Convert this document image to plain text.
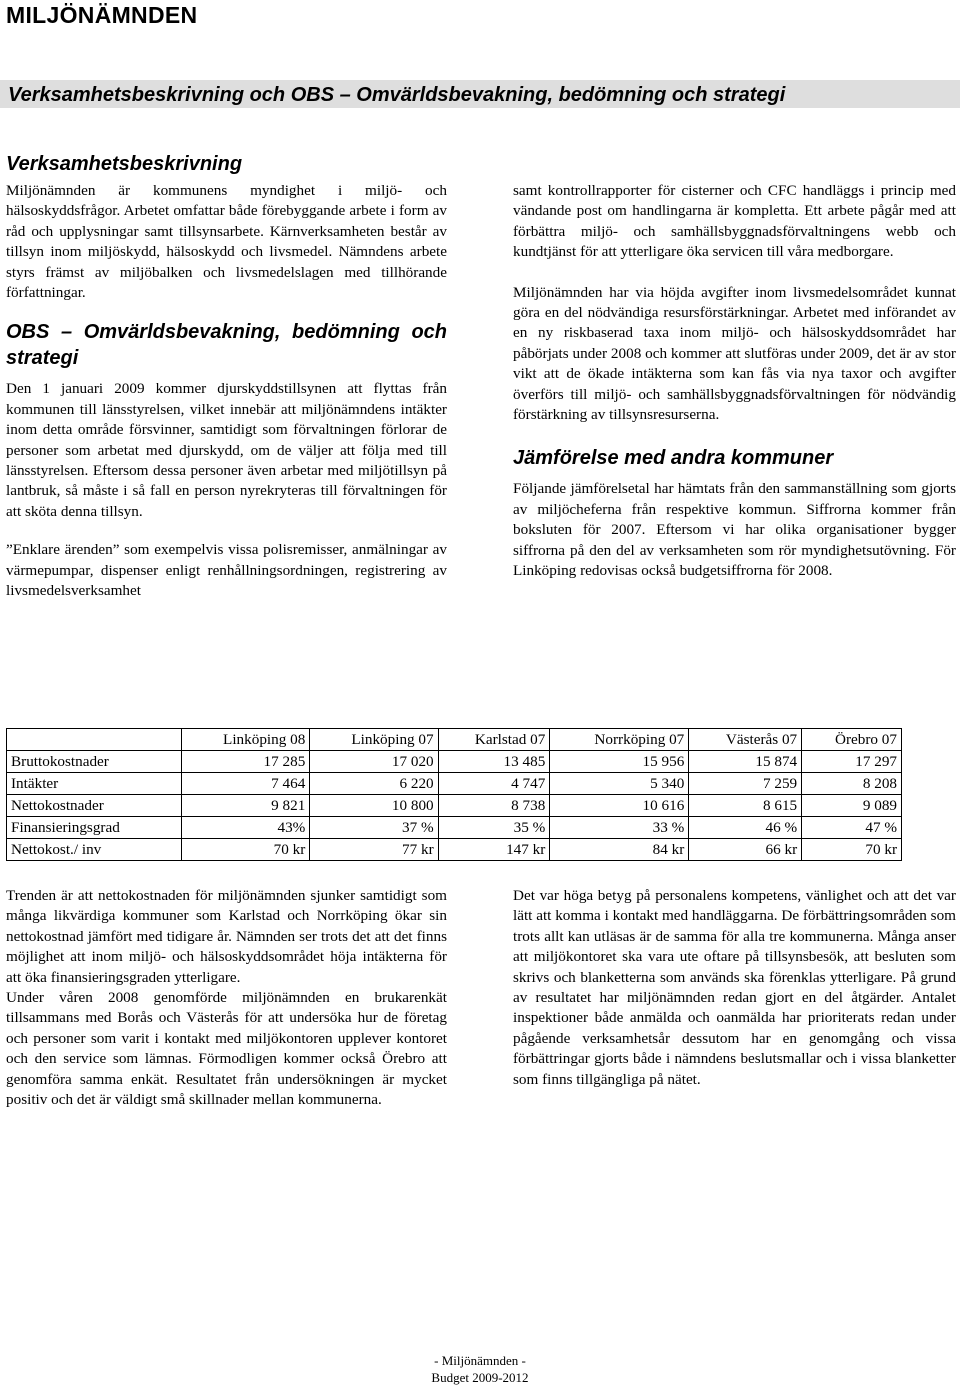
MILJÖNÄMNDEN
Verksamhetsbeskrivning och OBS – Omvärldsbevakning, bedömning och strategi
Verksamhetsbeskrivning

Miljönämnden är kommunens myndighet i miljö- och hälsoskyddsfrågor. Arbetet omfattar både förebyggande arbete i form av råd och upplysningar samt tillsynsarbete. Kärnverksamheten består av tillsyn inom miljöskydd, hälsoskydd och livsmedel. Nämndens arbete styrs främst av miljöbalken och livsmedelslagen med tillhörande författningar.

OBS – Omvärldsbevakning, bedömning och strategi

Den 1 januari 2009 kommer djurskyddstillsynen att flyttas från kommunen till länsstyrelsen, vilket innebär att miljönämndens intäkter inom detta område försvinner, samtidigt som förvaltningen förlorar de personer som arbetat med djurskydd, om de väljer att följa med till länsstyrelsen. Eftersom dessa personer även arbetar med miljötillsyn på lantbruk, så måste i så fall en person nyrekryteras till förvaltningen för att sköta denna tillsyn.

”Enklare ärenden” som exempelvis vissa polisremisser, anmälningar av värmepumpar, dispenser enligt renhållningsordningen, registrering av livsmedelsverksamhet

samt kontrollrapporter för cisterner och CFC handläggs i princip med vändande post om handlingarna är kompletta. Ett arbete pågår med att förbättra miljö- och samhällsbyggnadsförvaltningens webb och kundtjänst för att ytterligare öka servicen till våra medborgare.

Miljönämnden har via höjda avgifter inom livsmedelsområdet kunnat göra en del nödvändiga resursförstärkningar. Arbetet med införandet av en ny riskbaserad taxa inom miljö- och hälsoskyddsområdet har påbörjats under 2008 och kommer att slutföras under 2009, det är av stor vikt att de ökade intäkterna som kan fås via nya taxor och avgifter överförs till miljö- och samhällsbyggnadsförvaltningen för nödvändig förstärkning av tillsynsresurserna.

Jämförelse med andra kommuner

Följande jämförelsetal har hämtats från den sammanställning som gjorts av miljöcheferna från respektive kommun. Siffrorna kommer från boksluten för 2007. Eftersom vi har olika organisationer bygger siffrorna på den del av verksamheten som rör myndighetsutövning. För Linköping redovisas också budgetsiffrorna för 2008.

	Linköping 08	Linköping 07	Karlstad 07	Norrköping 07	Västerås 07	Örebro 07
Bruttokostnader	17 285	17 020	13 485	15 956	15 874	17 297
Intäkter	7 464	6 220	4 747	5 340	7 259	8 208
Nettokostnader	9 821	10 800	8 738	10 616	8 615	9 089
Finansieringsgrad	43%	37 %	35 %	33 %	46 %	47 %
Nettokost./ inv	70 kr	77 kr	147 kr	84 kr	66 kr	70 kr

Trenden är att nettokostnaden för miljönämnden sjunker samtidigt som många likvärdiga kommuner som Karlstad och Norrköping ökar sin nettokostnad jämfört med tidigare år. Nämnden ser trots det att det finns möjlighet att inom miljö- och hälsoskyddsområdet höja intäkterna för att öka finansieringsgraden ytterligare.

Under våren 2008 genomförde miljönämnden en brukarenkät tillsammans med Borås och Västerås för att undersöka hur de företag och personer som varit i kontakt med miljökontoren upplever kontoret och den service som lämnas. Förmodligen kommer också Örebro att genomföra samma enkät. Resultatet från undersökningen är mycket positiv och det är väldigt små skillnader mellan kommunerna.

Det var höga betyg på personalens kompetens, vänlighet och att det var lätt att komma i kontakt med handläggarna. De förbättringsområden som trots allt kan utläsas är de samma för alla tre kommunerna. Många anser att miljökontoret ska vara ute oftare på tillsynsbesök, att besluten som skrivs och blanketterna som används ska förenklas ytterligare. På grund av resultatet har miljönämnden redan gjort en del åtgärder. Antalet inspektioner både anmälda och oanmälda har prioriterats redan under pågående verksamhetsår dessutom har en genomgång och vissa förbättringar gjorts både i nämndens beslutsmallar och i vissa blanketter som finns tillgängliga på nätet.

- Miljönämnden -
Budget 2009-2012
